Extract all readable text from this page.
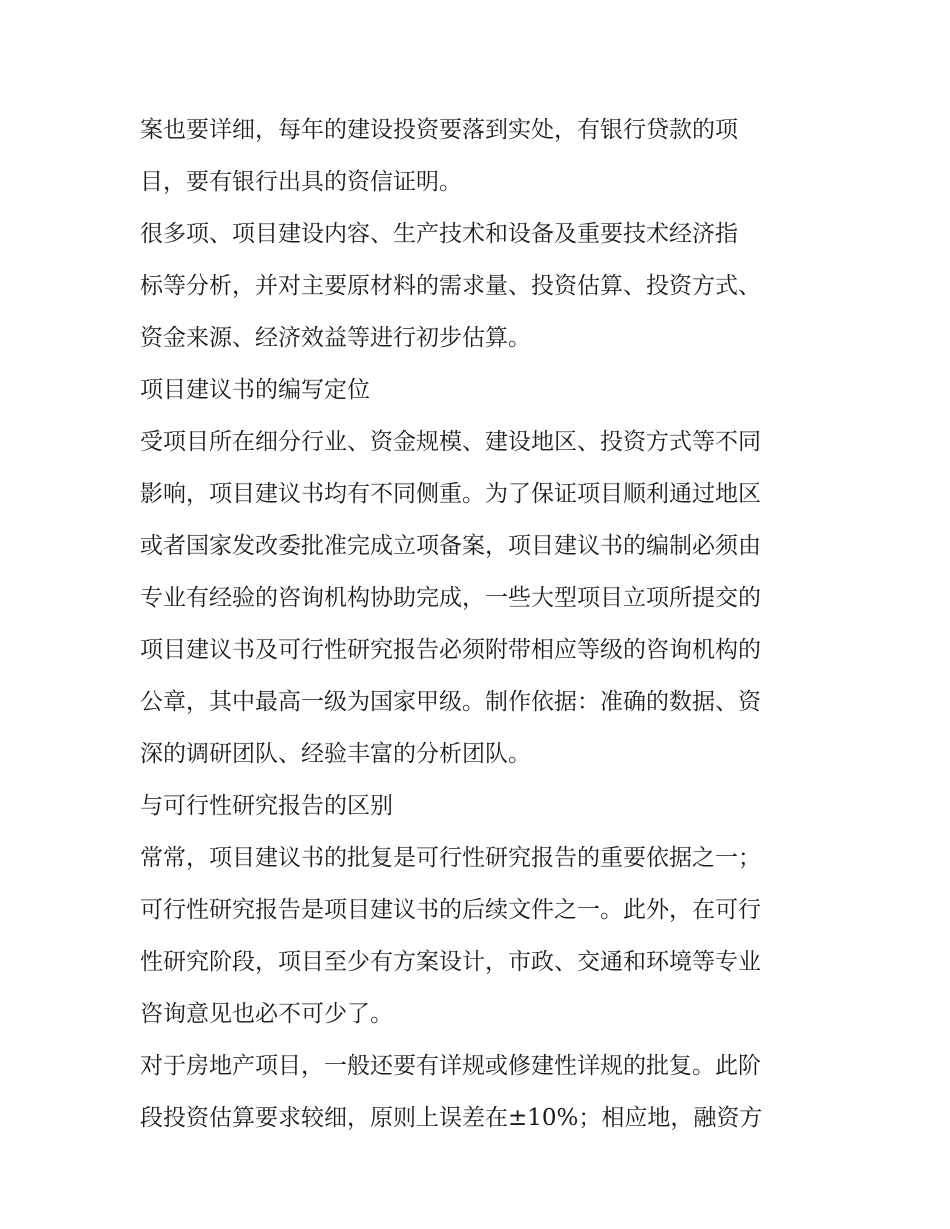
案也要详细，每年的建设投资要落到实处，有银行贷款的项
目，要有银行出具的资信证明。
很多项、项目建设内容、生产技术和设备及重要技术经济指
标等分析，并对主要原材料的需求量、投资估算、投资方式、
资金来源、经济效益等进行初步估算。
项目建议书的编写定位
受项目所在细分行业、资金规模、建设地区、投资方式等不同
影响，项目建议书均有不同侧重。为了保证项目顺利通过地区
或者国家发改委批准完成立项备案，项目建议书的编制必须由
专业有经验的咨询机构协助完成，一些大型项目立项所提交的
项目建议书及可行性研究报告必须附带相应等级的咨询机构的
公章，其中最高一级为国家甲级。制作依据：准确的数据、资
深的调研团队、经验丰富的分析团队。
与可行性研究报告的区别
常常，项目建议书的批复是可行性研究报告的重要依据之一；
可行性研究报告是项目建议书的后续文件之一。此外，在可行
性研究阶段，项目至少有方案设计，市政、交通和环境等专业
咨询意见也必不可少了。
对于房地产项目，一般还要有详规或修建性详规的批复。此阶
段投资估算要求较细，原则上误差在±10%；相应地，融资方
